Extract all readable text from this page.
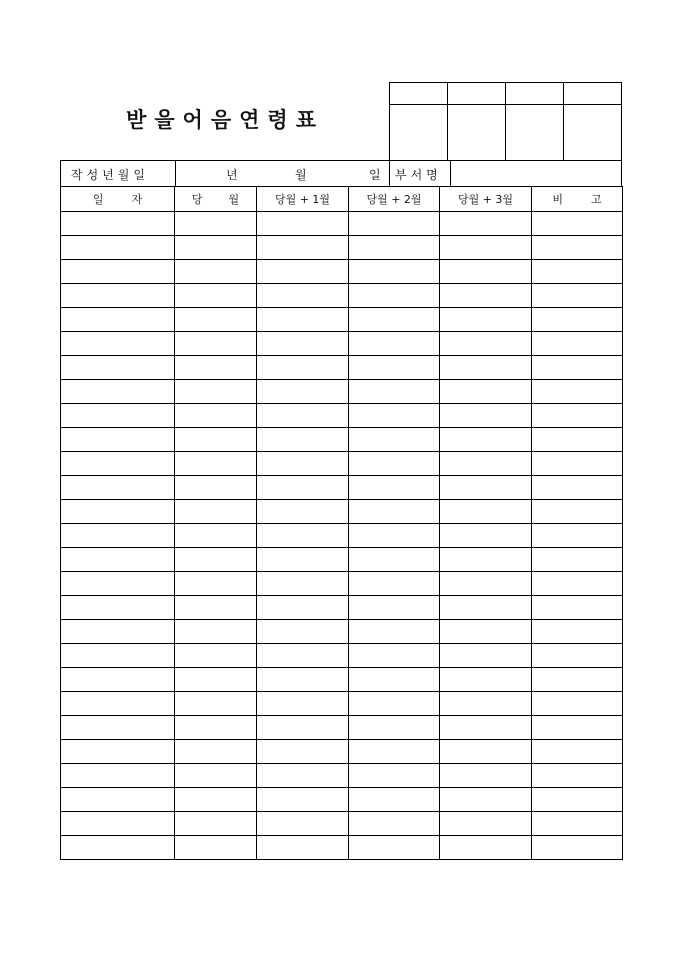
받을어음연령표

작성년월일	년	월	일 부서명
일 자	당 월	당월 + 1월	당월 + 2월	당월 + 3월	비 고
